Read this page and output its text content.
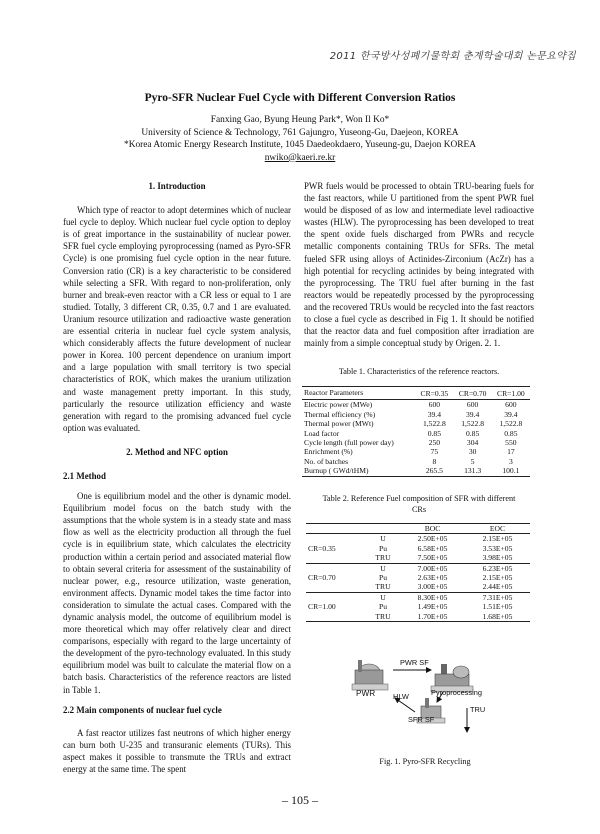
2011 한국방사성폐기물학회 춘계학술대회 논문요약집
Pyro-SFR Nuclear Fuel Cycle with Different Conversion Ratios
Fanxing Gao, Byung Heung Park*, Won Il Ko*
University of Science & Technology, 761 Gajungro, Yuseong-Gu, Daejeon, KOREA
*Korea Atomic Energy Research Institute, 1045 Daedeokdaero, Yuseung-gu, Daejon KOREA
nwiko@kaeri.re.kr
1. Introduction

Which type of reactor to adopt determines which of nuclear fuel cycle to deploy. Which nuclear fuel cycle option to deploy is of great importance in the sustainability of nuclear power. SFR fuel cycle employing pyroprocessing (named as Pyro-SFR Cycle) is one promising fuel cycle option in the near future. Conversion ratio (CR) is a key characteristic to be considered while selecting a SFR. With regard to non-proliferation, only burner and break-even reactor with a CR less or equal to 1 are studied. Totally, 3 different CR, 0.35, 0.7 and 1 are evaluated. Uranium resource utilization and radioactive waste generation are essential criteria in nuclear fuel cycle system analysis, which considerably affects the future development of nuclear power in Korea. 100 percent dependence on uranium import and a large population with small territory is two special characteristics of ROK, which makes the uranium utilization and waste management pretty important. In this study, particularly the resource utilization efficiency and waste generation with regard to the promising advanced fuel cycle option was evaluated.

2. Method and NFC option
2.1 Method

One is equilibrium model and the other is dynamic model. Equilibrium model focus on the batch study with the assumptions that the whole system is in a steady state and mass flow as well as the electricity production all through the fuel cycle is in equilibrium state, which calculates the electricity production within a certain period and associated material flow to obtain several criteria for assessment of the sustainability of nuclear power, e.g., resource utilization, waste generation, environment affects. Dynamic model takes the time factor into consideration to simulate the actual cases. Compared with the dynamic analysis model, the outcome of equilibrium model is more theoretical which may offer relatively clear and direct comparisons, especially with regard to the large uncertainty of the development of the pyro-technology evaluated. In this study equilibrium model was built to calculate the material flow on a batch basis. Characteristics of the reference reactors are listed in Table 1.

2.2 Main components of nuclear fuel cycle

A fast reactor utilizes fast neutrons of which higher energy can burn both U-235 and transuranic elements (TURs). This aspect makes it possible to transmute the TRUs and extract energy at the same time. The spent

PWR fuels would be processed to obtain TRU-bearing fuels for the fast reactors, while U partitioned from the spent PWR fuel would be disposed of as low and intermediate level radioactive wastes (HLW). The pyroprocessing has been developed to treat the spent oxide fuels discharged from PWRs and recycle metallic components containing TRUs for SFRs. The metal fueled SFR using alloys of Actinides-Zirconium (AcZr) has a high potential for recycling actinides by being integrated with the pyroprocessing. The TRU fuel after burning in the fast reactors would be repeatedly processed by the pyroprocessing and the recovered TRUs would be recycled into the fast reactors to close a fuel cycle as described in Fig 1. It should be notified that the reactor data and fuel composition after irradiation are mainly from a simple conceptual study by Origen. 2. 1.

Table 1. Characteristics of the reference reactors.
Reactor Parameters	CR=0.35	CR=0.70	CR=1.00
Electric power (MWe)	600	600	600
Thermal efficiency (%)	39.4	39.4	39.4
Thermal power (MWt)	1,522.8	1,522.8	1,522.8
Load factor	0.85	0.85	0.85
Cycle length (full power day)	250	304	550
Enrichment (%)	75	30	17
No. of batches	8	5	3
Burnup ( GWd/tHM)	265.5	131.3	100.1
Table 2. Reference Fuel composition of SFR with different
CRs
		BOC	EOC
	U	2.50E+05	2.15E+05
CR=0.35	Pu	6.58E+05	3.53E+05
	TRU	7.50E+05	3.98E+05
	U	7.00E+05	6.23E+05
CR=0.70	Pu	2.63E+05	2.15E+05
	TRU	3.00E+05	2.44E+05
	U	8.30E+05	7.31E+05
CR=1.00	Pu	1.49E+05	1.51E+05
	TRU	1.70E+05	1.68E+05
PWR SF
PWR HLW	Pyroprocessing
TRU
SFR SF
Fig. 1. Pyro-SFR Recycling
– 105 –
